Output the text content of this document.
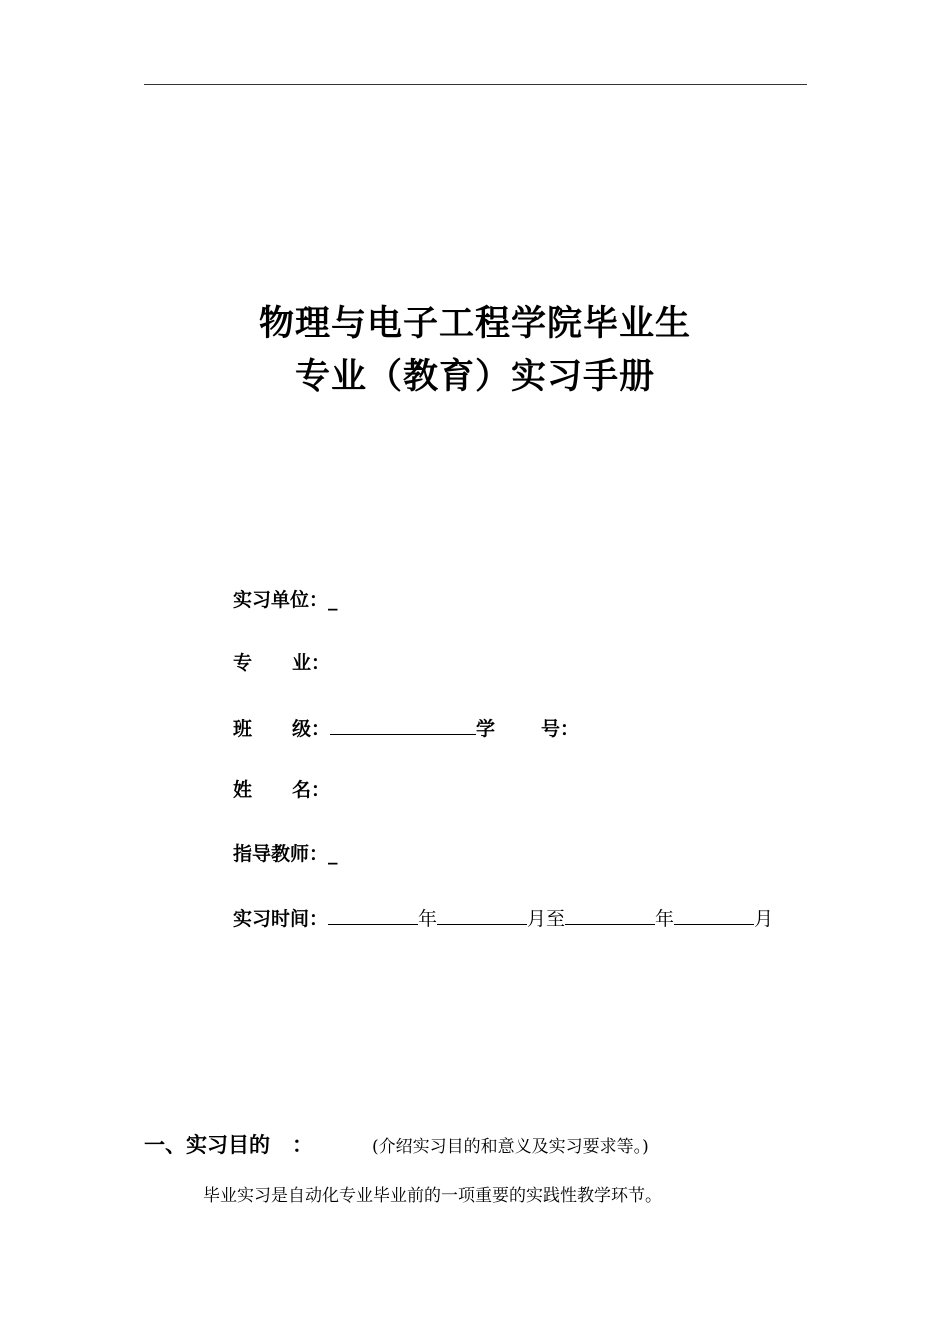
物理与电子工程学院毕业生
专业（教育）实习手册
实习单位：_
专 业：
班 级：	学 号：
姓 名：
指导教师：_
实习时间：	年	月至	年	月
一、实习目的 ：	(介绍实习目的和意义及实习要求等。)
毕业实习是自动化专业毕业前的一项重要的实践性教学环节。
